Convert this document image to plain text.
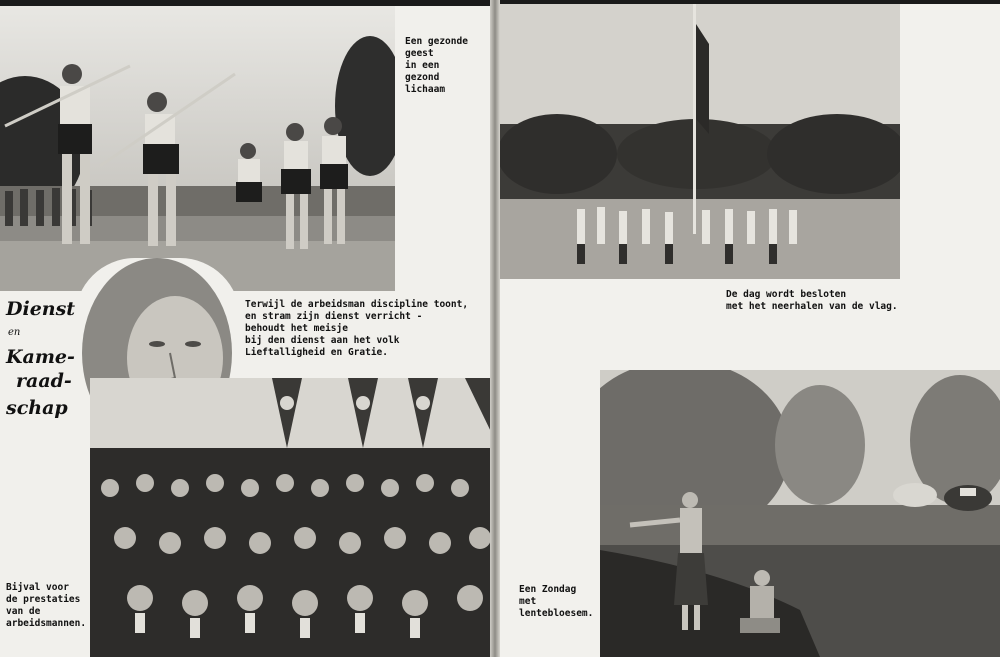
Een gezonde
geest
in een
gezond
lichaam
Dienst
en
Kame-
raad-
schap
Terwijl de arbeidsman discipline toont,
en stram zijn dienst verricht -
behoudt het meisje
bij den dienst aan het volk
Lieftalligheid en Gratie.
Bijval voor
de prestaties
van de
arbeidsmannen.
De dag wordt besloten
met het neerhalen van de vlag.
Een Zondag
met
lentebloesem.
